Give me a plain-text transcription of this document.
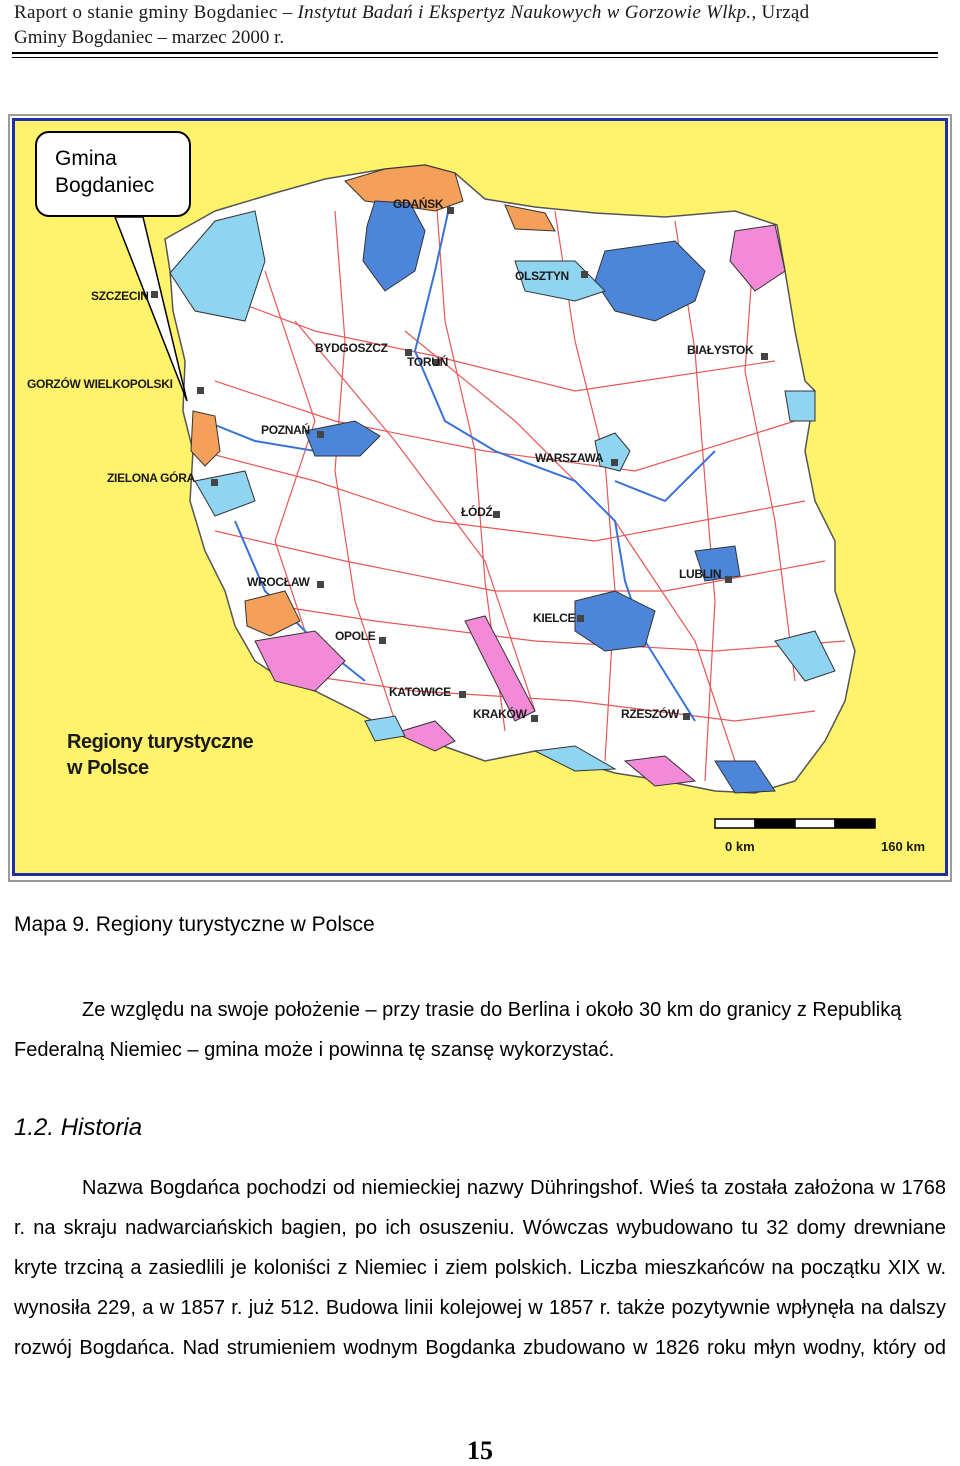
Raport o stanie gminy Bogdaniec – Instytut Badań i Ekspertyz Naukowych w Gorzowie Wlkp., Urząd
Gminy Bogdaniec – marzec 2000 r.
Gmina Bogdaniec
GDAŃSK
OLSZTYN
SZCZECIN
BYDGOSZCZ
TORUŃ
BIAŁYSTOK
GORZÓW WIELKOPOLSKI
POZNAŃ
WARSZAWA
ZIELONA GÓRA
ŁÓDŹ
WROCŁAW
LUBLIN
KIELCE
OPOLE
KATOWICE
KRAKÓW	RZESZÓW
Regiony turystyczne
w Polsce
0 km	160 km
Mapa 9. Regiony turystyczne w Polsce
Ze względu na swoje położenie – przy trasie do Berlina i około 30 km do granicy z Republiką Federalną Niemiec – gmina może i powinna tę szansę wykorzystać.
1.2. Historia
Nazwa Bogdańca pochodzi od niemieckiej nazwy Dühringshof. Wieś ta została założona w 1768 r. na skraju nadwarciańskich bagien, po ich osuszeniu. Wówczas wybudowano tu 32 domy drewniane kryte trzciną a zasiedlili je koloniści z Niemiec i ziem polskich. Liczba mieszkańców na początku XIX w. wynosiła 229, a w 1857 r. już 512. Budowa linii kolejowej w 1857 r. także pozytywnie wpłynęła na dalszy rozwój Bogdańca. Nad strumieniem wodnym Bogdanka zbudowano w 1826 roku młyn wodny, który od
15
